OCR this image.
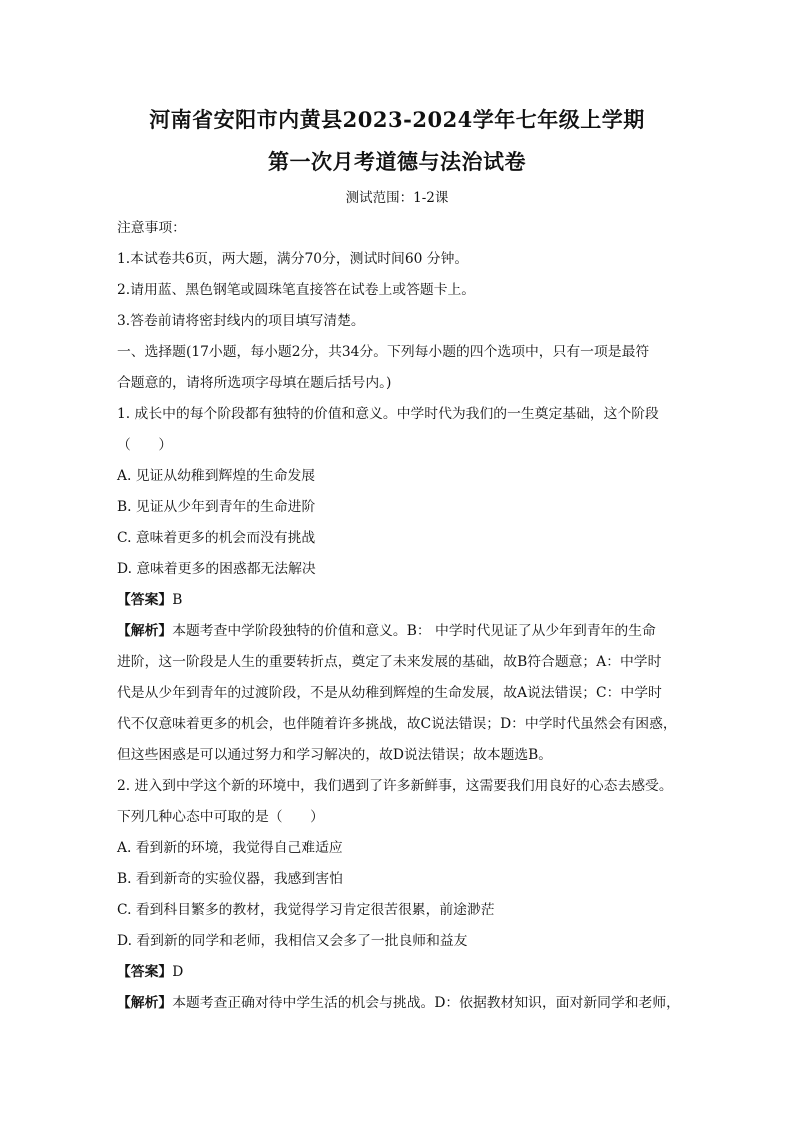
河南省安阳市内黄县2023-2024学年七年级上学期
第一次月考道德与法治试卷
测试范围：1-2课
注意事项：
1.本试卷共6页，两大题，满分70分，测试时间60 分钟。
2.请用蓝、黑色钢笔或圆珠笔直接答在试卷上或答题卡上。
3.答卷前请将密封线内的项目填写清楚。
一、选择题(17小题，每小题2分，共34分。下列每小题的四个选项中，只有一项是最符
合题意的，请将所选项字母填在题后括号内。)
1. 成长中的每个阶段都有独特的价值和意义。中学时代为我们的一生奠定基础，这个阶段
（　　）
A. 见证从幼稚到辉煌的生命发展
B. 见证从少年到青年的生命进阶
C. 意味着更多的机会而没有挑战
D. 意味着更多的困惑都无法解决
【答案】B
【解析】本题考查中学阶段独特的价值和意义。B： 中学时代见证了从少年到青年的生命
进阶，这一阶段是人生的重要转折点，奠定了未来发展的基础，故B符合题意；A：中学时
代是从少年到青年的过渡阶段，不是从幼稚到辉煌的生命发展，故A说法错误；C：中学时
代不仅意味着更多的机会，也伴随着许多挑战，故C说法错误；D：中学时代虽然会有困惑，
但这些困惑是可以通过努力和学习解决的，故D说法错误；故本题选B。
2. 进入到中学这个新的环境中，我们遇到了许多新鲜事，这需要我们用良好的心态去感受。
下列几种心态中可取的是（　　）
A. 看到新的环境，我觉得自己难适应
B. 看到新奇的实验仪器，我感到害怕
C. 看到科目繁多的教材，我觉得学习肯定很苦很累，前途渺茫
D. 看到新的同学和老师，我相信又会多了一批良师和益友
【答案】D
【解析】本题考查正确对待中学生活的机会与挑战。D：依据教材知识，面对新同学和老师，
